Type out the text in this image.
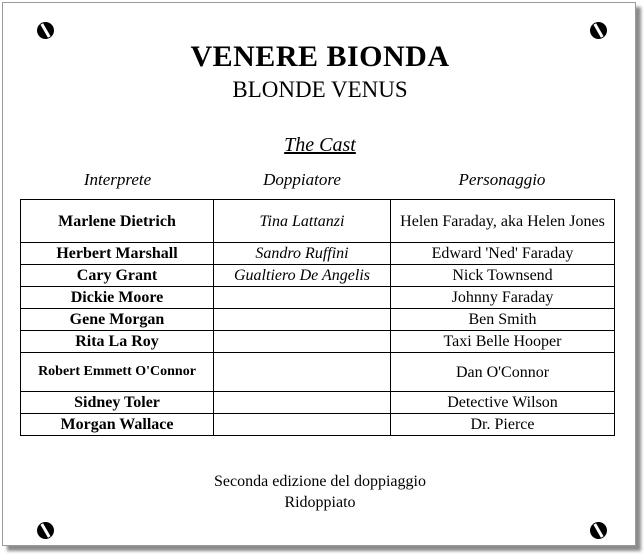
VENERE BIONDA
BLONDE VENUS
The Cast
Interprete	Doppiatore	Personaggio
Marlene Dietrich	Tina Lattanzi	Helen Faraday, aka Helen Jones
Herbert Marshall	Sandro Ruffini	Edward 'Ned' Faraday
Cary Grant	Gualtiero De Angelis	Nick Townsend
Dickie Moore		Johnny Faraday
Gene Morgan		Ben Smith
Rita La Roy		Taxi Belle Hooper
Robert Emmett O'Connor		Dan O'Connor
Sidney Toler		Detective Wilson
Morgan Wallace		Dr. Pierce
Seconda edizione del doppiaggio
Ridoppiato
